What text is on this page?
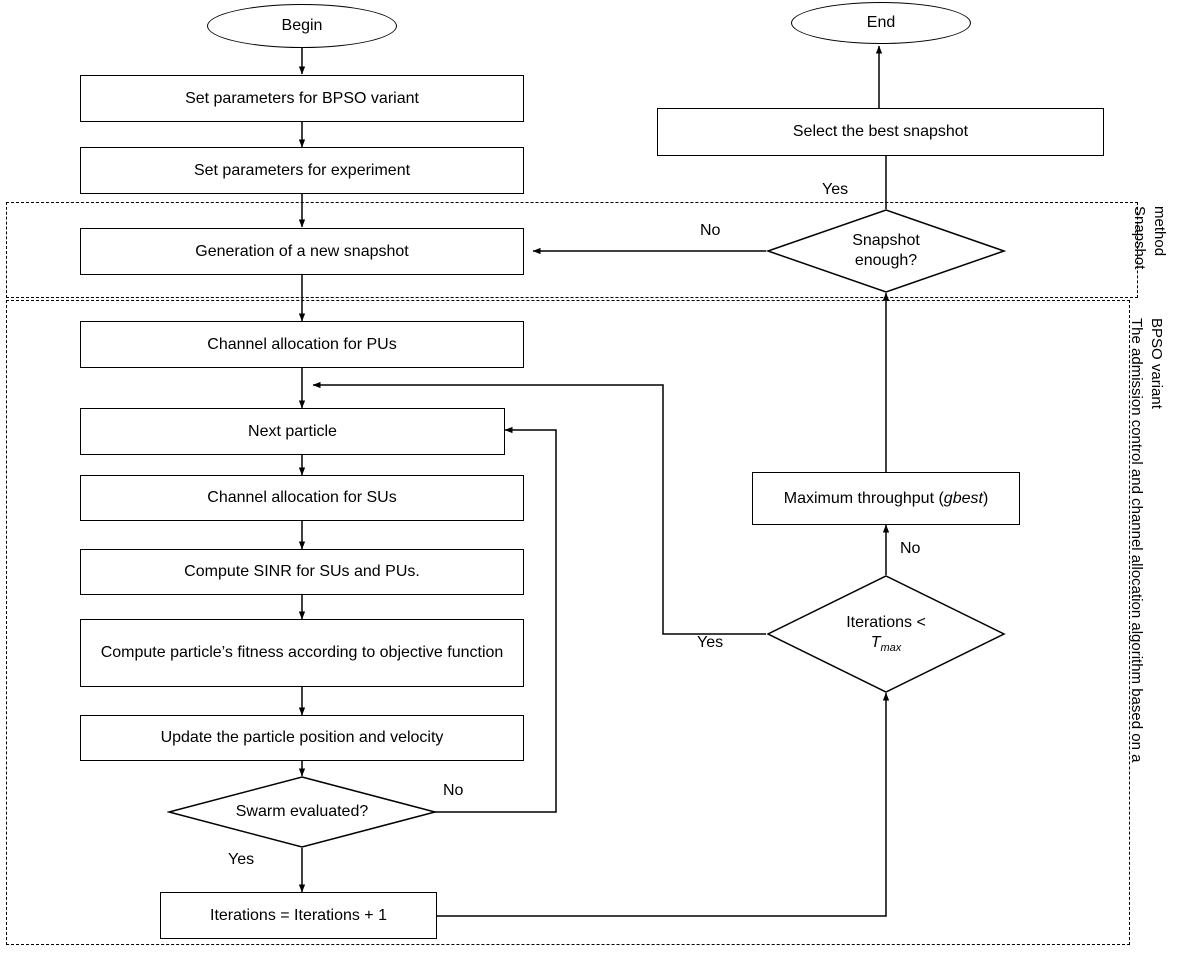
Snapshot method
The admission control and channel allocation algorithm based on a BPSO variant
Begin	End
Set parameters for BPSO variant
Set parameters for experiment
Generation of a new snapshot
Channel allocation for PUs
Next particle
Channel allocation for SUs
Compute SINR for SUs and PUs.
Compute particle’s fitness according to objective function
Update the particle position and velocity
Iterations = Iterations + 1
Select the best snapshot
Maximum throughput (gbest)
Swarm evaluated?
Iterations <
$T_{max}$
Snapshot
enough?
No
Yes
No
Yes
No
Yes
